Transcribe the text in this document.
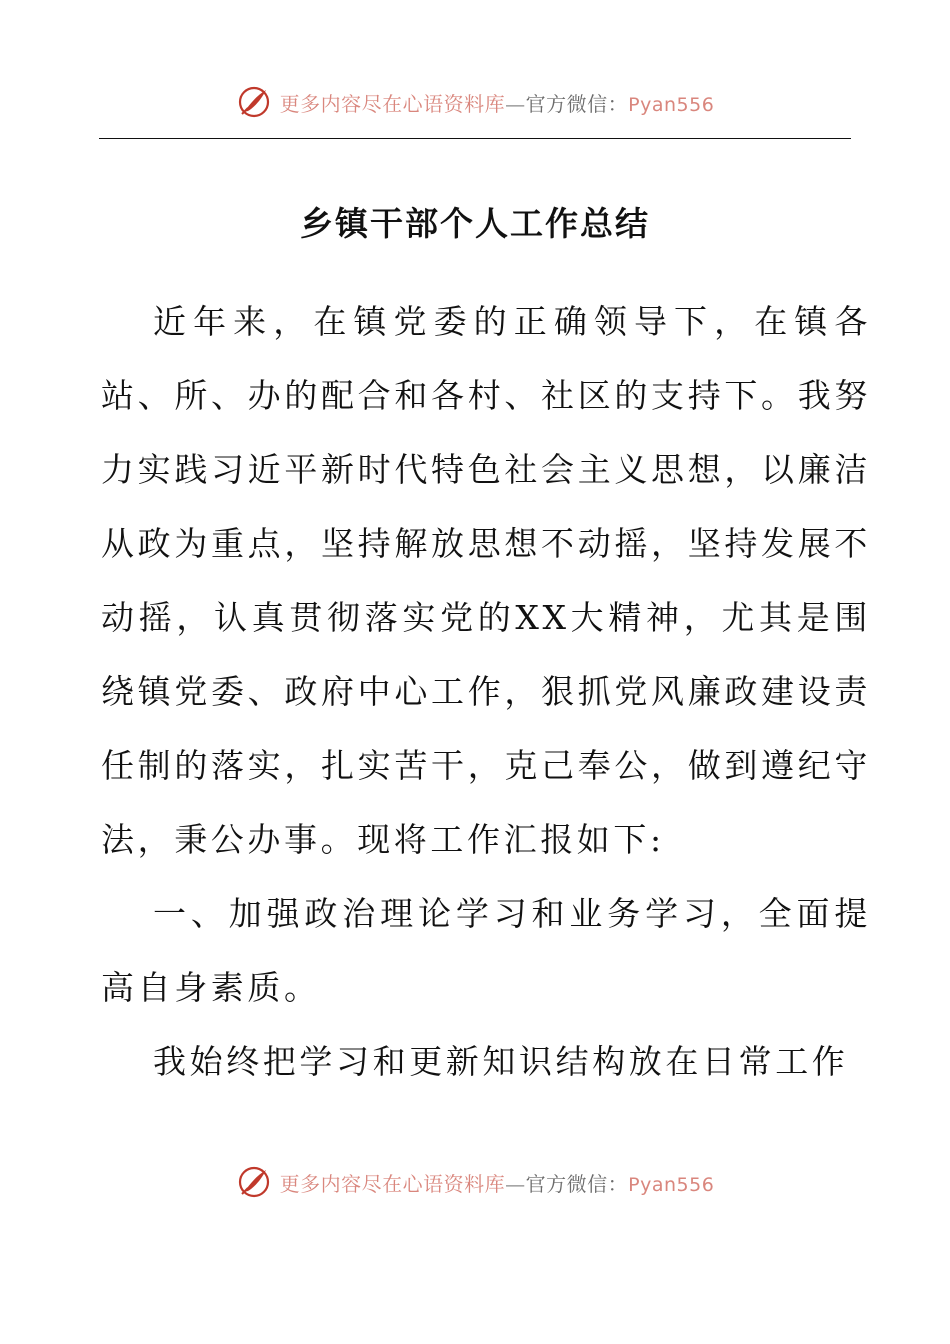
更多内容尽在心语资料库—官方微信：Pyan556
乡镇干部个人工作总结

近年来，在镇党委的正确领导下，在镇各站、所、办的配合和各村、社区的支持下。我努力实践习近平新时代特色社会主义思想，以廉洁从政为重点，坚持解放思想不动摇，坚持发展不动摇，认真贯彻落实党的XX大精神，尤其是围绕镇党委、政府中心工作，狠抓党风廉政建设责任制的落实，扎实苦干，克己奉公，做到遵纪守法，秉公办事。现将工作汇报如下:

一、加强政治理论学习和业务学习，全面提高自身素质。

我始终把学习和更新知识结构放在日常工作

更多内容尽在心语资料库—官方微信：Pyan556
